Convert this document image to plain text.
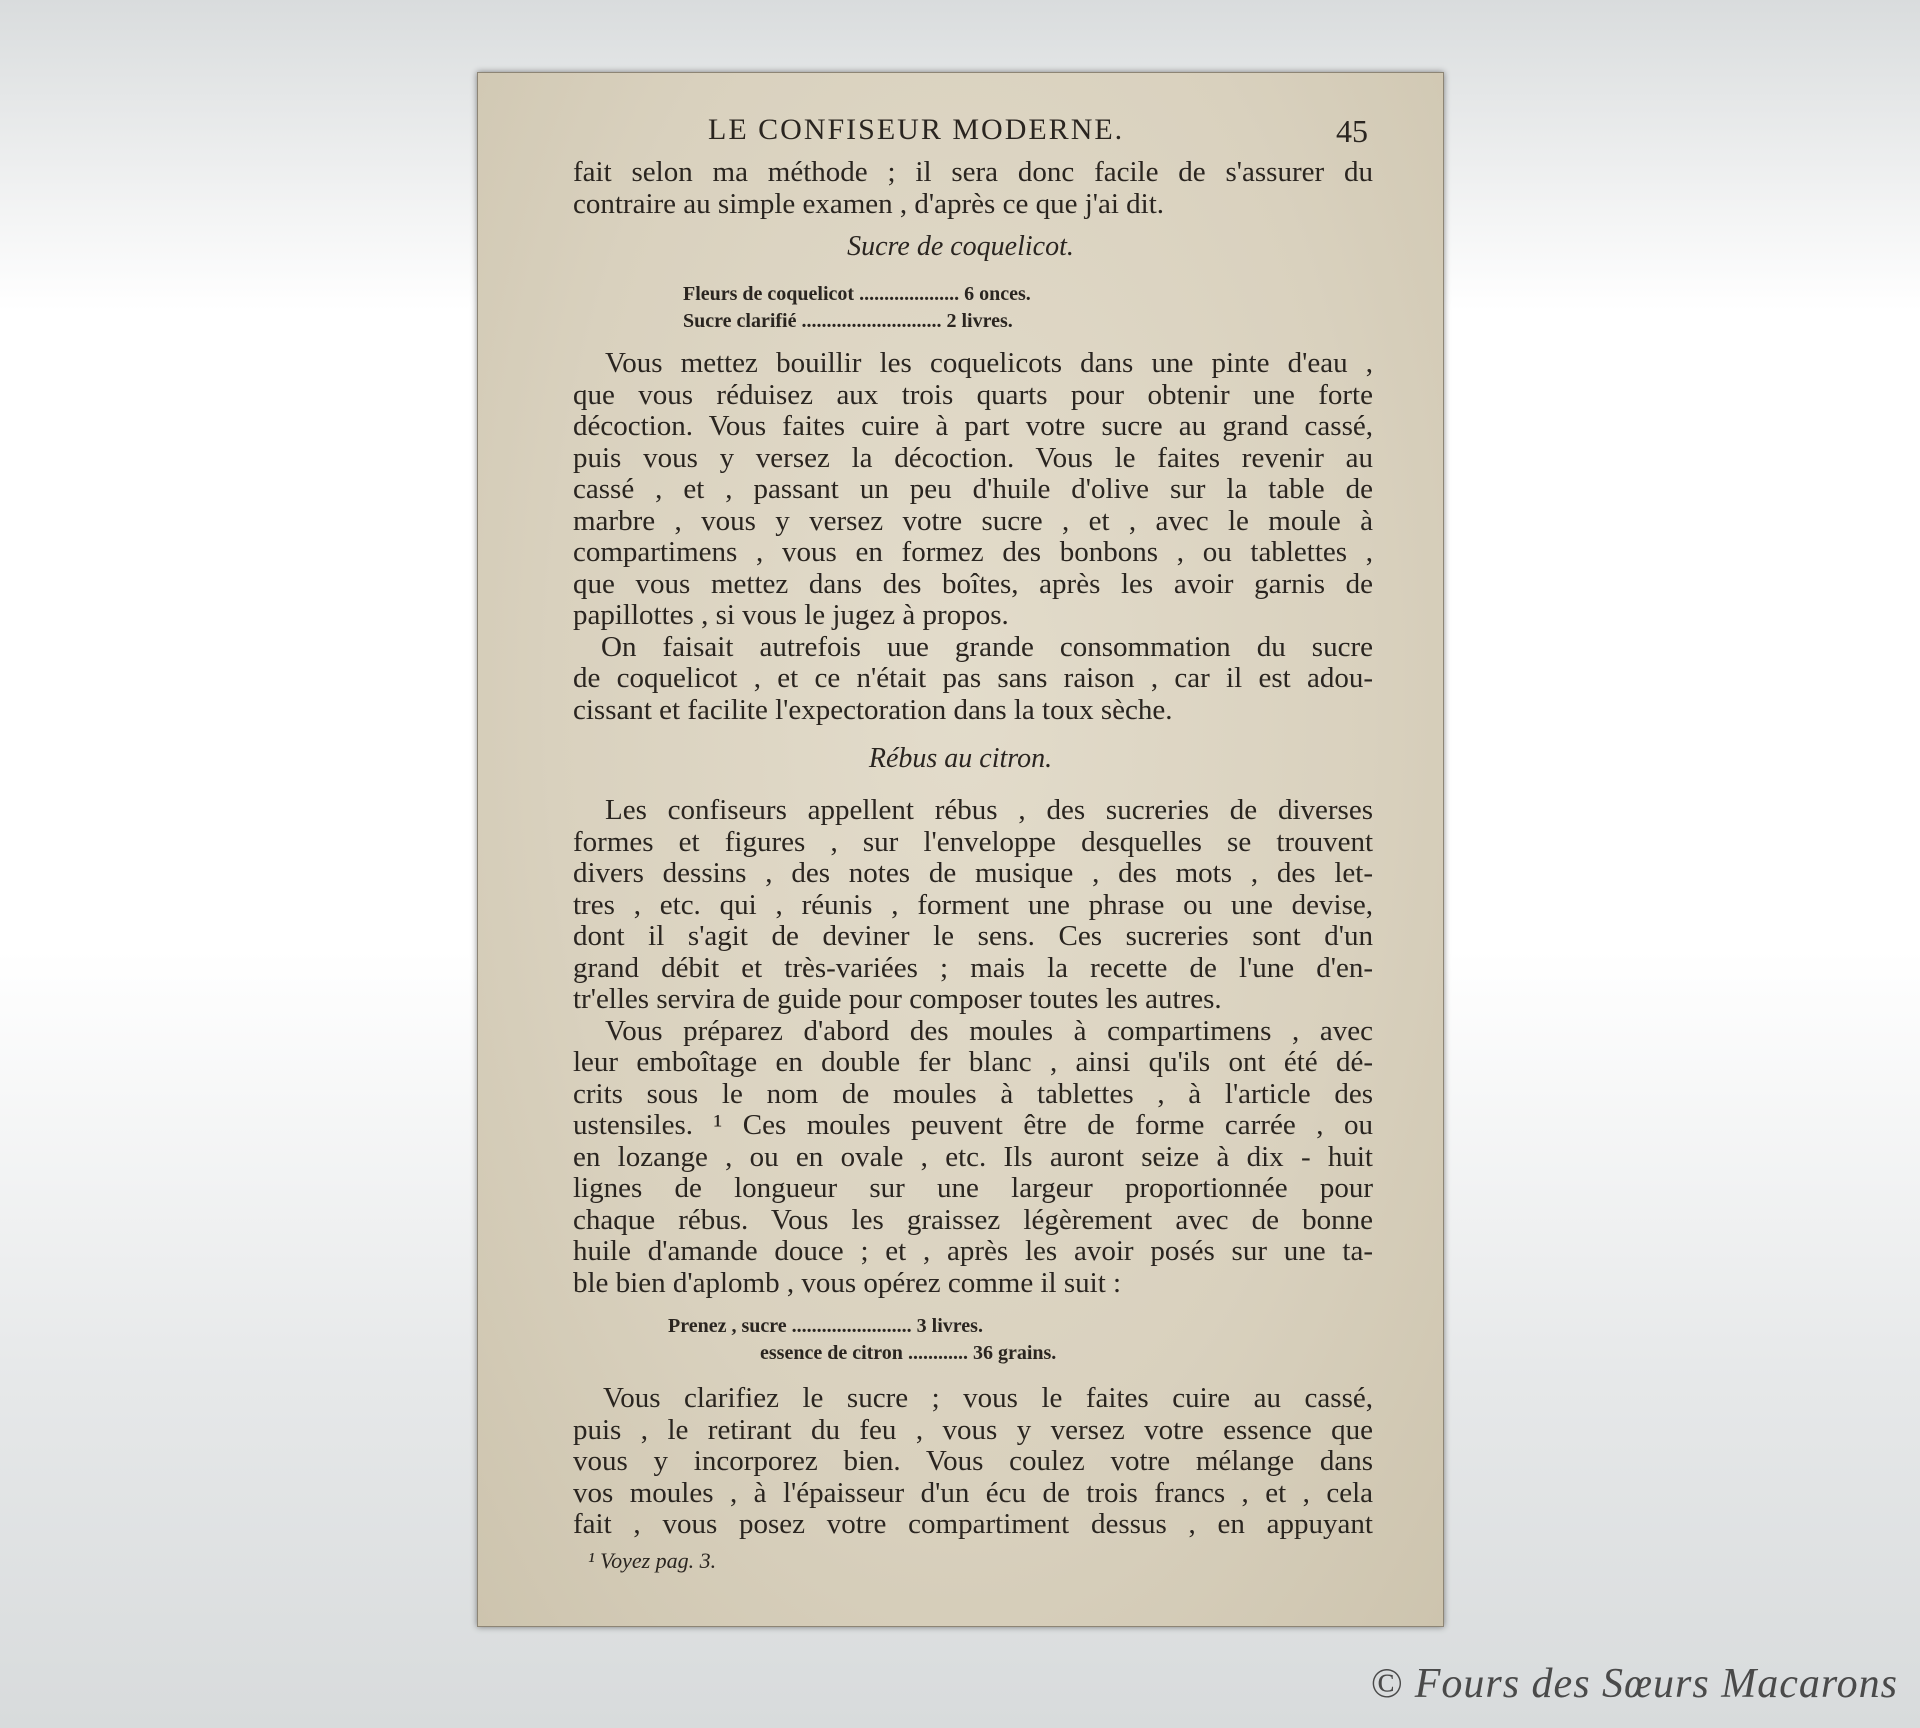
LE CONFISEUR MODERNE.	45
fait selon ma méthode ; il sera donc facile de s'assurer du
contraire au simple examen , d'après ce que j'ai dit.
Sucre de coquelicot.
Fleurs de coquelicot .................... 6 onces.
Sucre clarifié ............................ 2 livres.
Vous mettez bouillir les coquelicots dans une pinte d'eau ,
que vous réduisez aux trois quarts pour obtenir une forte
décoction. Vous faites cuire à part votre sucre au grand cassé,
puis vous y versez la décoction. Vous le faites revenir au
cassé , et , passant un peu d'huile d'olive sur la table de
marbre , vous y versez votre sucre , et , avec le moule à
compartimens , vous en formez des bonbons , ou tablettes ,
que vous mettez dans des boîtes, après les avoir garnis de
papillottes , si vous le jugez à propos.
On faisait autrefois uue grande consommation du sucre
de coquelicot , et ce n'était pas sans raison , car il est adou-
cissant et facilite l'expectoration dans la toux sèche.
Rébus au citron.
Les confiseurs appellent rébus , des sucreries de diverses
formes et figures , sur l'enveloppe desquelles se trouvent
divers dessins , des notes de musique , des mots , des let-
tres , etc. qui , réunis , forment une phrase ou une devise,
dont il s'agit de deviner le sens. Ces sucreries sont d'un
grand débit et très-variées ; mais la recette de l'une d'en-
tr'elles servira de guide pour composer toutes les autres.
Vous préparez d'abord des moules à compartimens , avec
leur emboîtage en double fer blanc , ainsi qu'ils ont été dé-
crits sous le nom de moules à tablettes , à l'article des
ustensiles. ¹ Ces moules peuvent être de forme carrée , ou
en lozange , ou en ovale , etc. Ils auront seize à dix - huit
lignes de longueur sur une largeur proportionnée pour
chaque rébus. Vous les graissez légèrement avec de bonne
huile d'amande douce ; et , après les avoir posés sur une ta-
ble bien d'aplomb , vous opérez comme il suit :
Prenez , sucre ........................ 3 livres.
essence de citron ............ 36 grains.
Vous clarifiez le sucre ; vous le faites cuire au cassé,
puis , le retirant du feu , vous y versez votre essence que
vous y incorporez bien. Vous coulez votre mélange dans
vos moules , à l'épaisseur d'un écu de trois francs , et , cela
fait , vous posez votre compartiment dessus , en appuyant
¹ Voyez pag. 3.
© Fours des Sœurs Macarons
